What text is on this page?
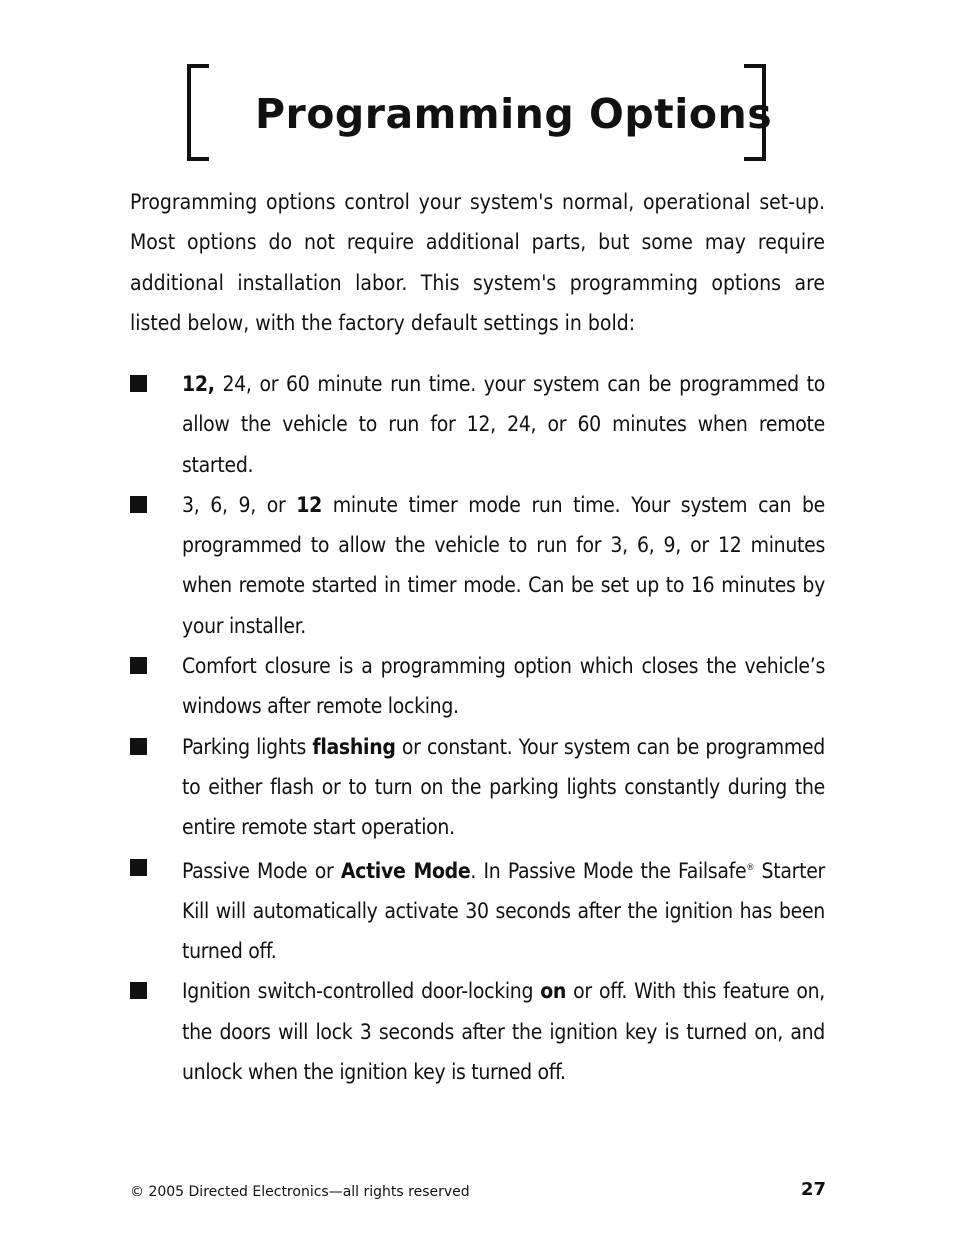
Programming Options

Programming options control your system's normal, operational set-up. Most options do not require additional parts, but some may require additional installation labor. This system's programming options are listed below, with the factory default settings in bold:

12, 24, or 60 minute run time. your system can be programmed to allow the vehicle to run for 12, 24, or 60 minutes when remote started.
3, 6, 9, or 12 minute timer mode run time. Your system can be programmed to allow the vehicle to run for 3, 6, 9, or 12 minutes when remote started in timer mode. Can be set up to 16 minutes by your installer.
Comfort closure is a programming option which closes the vehicle’s windows after remote locking.
Parking lights flashing or constant. Your system can be programmed to either flash or to turn on the parking lights constantly during the entire remote start operation.
Passive Mode or Active Mode. In Passive Mode the Failsafe® Starter Kill will automatically activate 30 seconds after the ignition has been turned off.
Ignition switch-controlled door-locking on or off. With this feature on, the doors will lock 3 seconds after the ignition key is turned on, and unlock when the ignition key is turned off.
© 2005 Directed Electronics—all rights reserved	27
